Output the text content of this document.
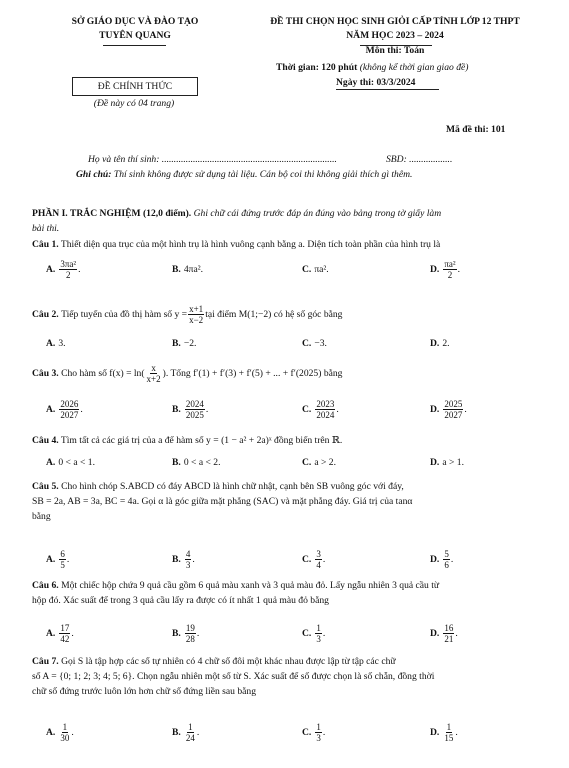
SỞ GIÁO DỤC VÀ ĐÀO TẠO
TUYÊN QUANG
ĐỀ THI CHỌN HỌC SINH GIỎI CẤP TỈNH LỚP 12 THPT
NĂM HỌC 2023 – 2024
Môn thi: Toán
ĐỀ CHÍNH THỨC
(Đề này có 04 trang)
Thời gian: 120 phút (không kể thời gian giao đề)
Ngày thi: 03/3/2024
Mã đề thi: 101
Họ và tên thí sinh: .........................................................................	SBD: ..................
Ghi chú: Thí sinh không được sử dụng tài liệu. Cán bộ coi thi không giải thích gì thêm.
PHẦN I. TRẮC NGHIỆM (12,0 điểm). Ghi chữ cái đứng trước đáp án đúng vào bảng trong tờ giấy làm
bài thi.
Câu 1. Thiết diện qua trục của một hình trụ là hình vuông cạnh bằng a. Diện tích toàn phần của hình trụ là
A. $\frac{\text{3πa²}}{2}$ .	B. 4πa².	C. πa².	D. $\frac{\text{πa²}}{2}$ .
Câu 2.
Tiếp tuyến của đồ thị hàm số $y = \frac{x+1}{x-2}$ tại điểm M(1;−2) có hệ số góc bằng
A. 3.	B. −2.	C. −3.	D. 2.
Câu 3.
Cho hàm số $f(x) = \ln( \frac{x}{x+2}$ ). Tổng f′(1) + f′(3) + f′(5) + ... + f′(2025) bằng
A. $\frac{2026}{2027}$ .	B. $\frac{2024}{2025}$ .	C. $\frac{2023}{2024}$ .	D. $\frac{2025}{2027}$ .
Câu 4. Tìm tất cả các giá trị của a để hàm số y = (1 − a² + 2a)ˣ đồng biến trên ℝ.
A. 0 < a < 1.	B. 0 < a < 2.	C. a > 2.	D. a > 1.
Câu 5. Cho hình chóp S.ABCD có đáy ABCD là hình chữ nhật, cạnh bên SB vuông góc với đáy,
SB = 2a, AB = 3a, BC = 4a. Gọi α là góc giữa mặt phẳng (SAC) và mặt phẳng đáy. Giá trị của tanα
bằng
A. $\frac{6}{5}$ .	B. $\frac{4}{3}$ .	C. $\frac{3}{4}$ .	D. $\frac{5}{6}$ .
Câu 6. Một chiếc hộp chứa 9 quả cầu gồm 6 quả màu xanh và 3 quả màu đỏ. Lấy ngẫu nhiên 3 quả cầu từ
hộp đó. Xác suất để trong 3 quả cầu lấy ra được có ít nhất 1 quả màu đỏ bằng
A. $\frac{17}{42}$ .	B. $\frac{19}{28}$ .	C. $\frac{1}{3}$ .	D. $\frac{16}{21}$ .
Câu 7. Gọi S là tập hợp các số tự nhiên có 4 chữ số đôi một khác nhau được lập từ tập các chữ
số A = {0; 1; 2; 3; 4; 5; 6}. Chọn ngẫu nhiên một số từ S. Xác suất để số được chọn là số chẵn, đồng thời
chữ số đứng trước luôn lớn hơn chữ số đứng liền sau bằng
A. $\frac{1}{30}$ .	B. $\frac{1}{24}$ .	C. $\frac{1}{3}$ .	D. $\frac{1}{15}$ .
